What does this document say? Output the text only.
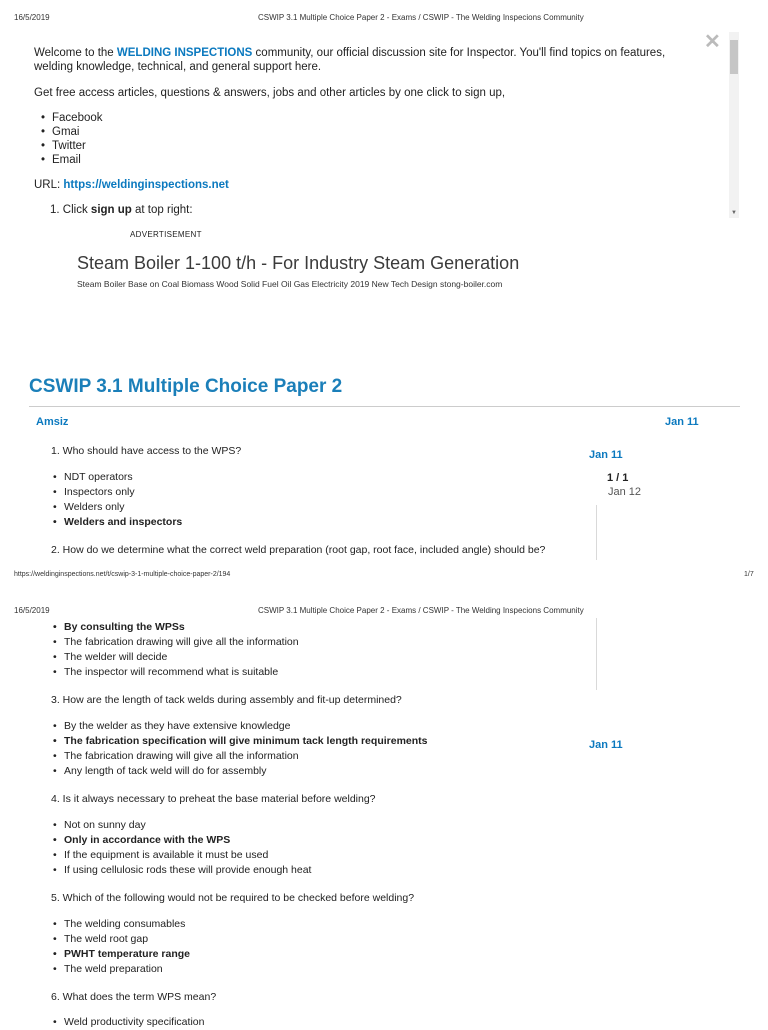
16/5/2019	CSWIP 3.1 Multiple Choice Paper 2 - Exams / CSWIP - The Welding Inspecions Community
Welcome to the WELDING INSPECTIONS community, our official discussion site for Inspector. You'll find topics on features, welding knowledge, technical, and general support here.
Get free access articles, questions & answers, jobs and other articles by one click to sign up,
• Facebook
• Gmai
• Twitter
• Email
URL: https://weldinginspections.net
1. Click sign up at top right:
✕
▼
ADVERTISEMENT
Steam Boiler 1-100 t/h - For Industry Steam Generation
Steam Boiler Base on Coal Biomass Wood Solid Fuel Oil Gas Electricity 2019 New Tech Design stong-boiler.com
CSWIP 3.1 Multiple Choice Paper 2
Amsiz	Jan 11
Jan 11
1 / 1
Jan 12
1. Who should have access to the WPS?
• NDT operators
• Inspectors only
• Welders only
• Welders and inspectors
2. How do we determine what the correct weld preparation (root gap, root face, included angle) should be?
https://weldinginspections.net/t/cswip-3-1-multiple-choice-paper-2/194	1/7
16/5/2019	CSWIP 3.1 Multiple Choice Paper 2 - Exams / CSWIP - The Welding Inspecions Community
Jan 11
• By consulting the WPSs
• The fabrication drawing will give all the information
• The welder will decide
• The inspector will recommend what is suitable
3. How are the length of tack welds during assembly and fit-up determined?
• By the welder as they have extensive knowledge
• The fabrication specification will give minimum tack length requirements
• The fabrication drawing will give all the information
• Any length of tack weld will do for assembly
4. Is it always necessary to preheat the base material before welding?
• Not on sunny day
• Only in accordance with the WPS
• If the equipment is available it must be used
• If using cellulosic rods these will provide enough heat
5. Which of the following would not be required to be checked before welding?
• The welding consumables
• The weld root gap
• PWHT temperature range
• The weld preparation
6. What does the term WPS mean?
• Weld productivity specification
